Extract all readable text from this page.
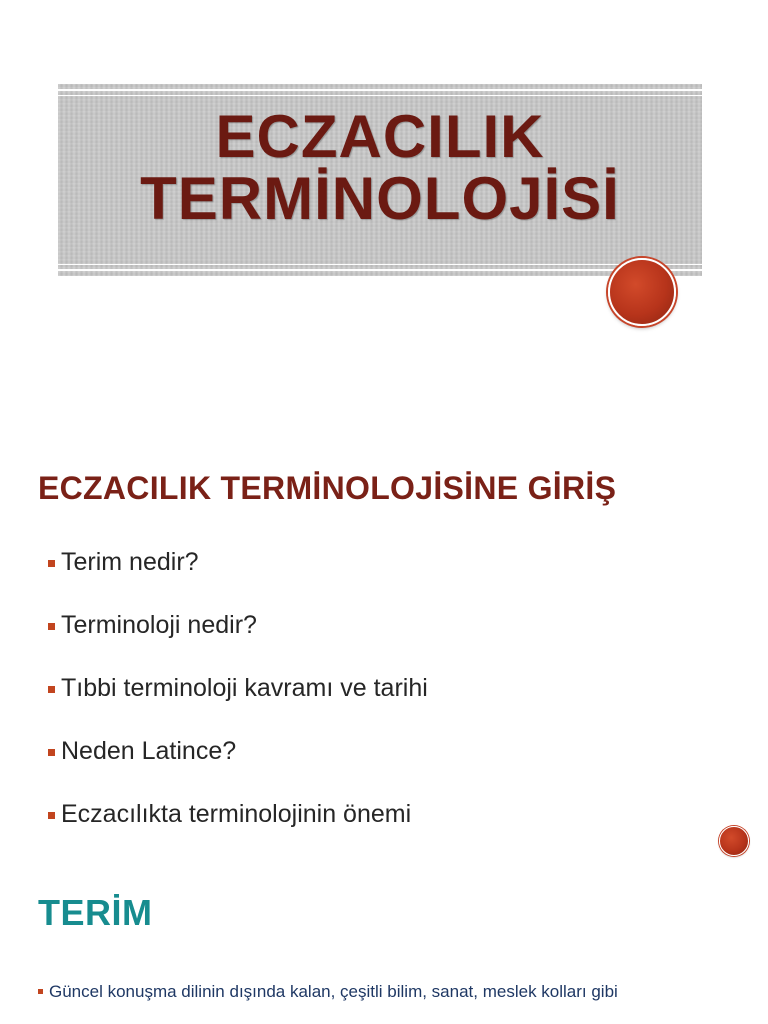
ECZACILIK
TERMİNOLOJİSİ
ECZACILIK TERMİNOLOJİSİNE GİRİŞ
Terim nedir?
Terminoloji nedir?
Tıbbi terminoloji kavramı ve tarihi
Neden Latince?
Eczacılıkta terminolojinin önemi
TERİM
Güncel konuşma dilinin dışında kalan, çeşitli bilim, sanat, meslek kolları gibi
